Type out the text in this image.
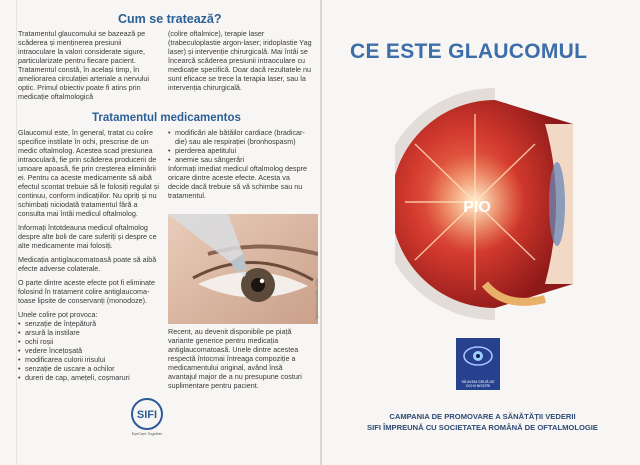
Cum se tratează?
Tratamentul glaucomului se bazează pe scăderea și menținerea presiunii intraoculare la valori considerate sigure, particularizate pentru fiecare pacient. Tratamentul constă, în același timp, în ameliorarea circulației arteriale a nervului optic. Primul obiectiv poate fi atins prin medicație oftalmologică
(colire oftalmice), terapie laser (trabeculoplastie argon-laser; iridoplastie Yag laser) și intervenție chirurgicală. Mai întâi se încearcă scăderea presiunii intraoculare cu medicație specifică. Doar dacă rezultatele nu sunt eficace se trece la terapia laser, sau la intervenția chirurgicală.
Tratamentul medicamentos
Glaucomul este, în general, tratat cu colire specifice instilate în ochi, prescrise de un medic oftalmolog. Acestea scad presiunea intraoculară, fie prin scăderea producerii de umoare apoasă, fie prin creșterea eliminării ei. Pentru ca aceste medicamente să aibă efectul scontat trebuie să le folosiți regulat și continuu, conform indicațiilor. Nu opriți și nu schimbați niciodată tratamentul fără a consulta mai întâi medicul oftalmolog.
Informați întotdeauna medicul oftalmolog despre alte boli de care suferiți și despre ce alte medicamente mai folosiți.
Medicația antiglaucomatoasă poate să aibă efecte adverse colaterale.
O parte dintre aceste efecte pot fi eliminate folosind în tratament colire antiglaucoma-toase lipsite de conservanți (monodoze).
Unele colire pot provoca:
• senzație de înțepătură
• arsură la instilare
• ochi roșii
• vedere încețoșată
• modificarea culorii irisului
• senzație de uscare a ochilor
• dureri de cap, amețeli, coșmaruri
• modificări ale bătăilor cardiace (bradicar-die) sau ale respirației (bronhospasm)
• pierderea apetitului
• anemie sau sângerări
Informați imediat medicul oftalmolog despre oricare dintre aceste efecte. Acesta va decide dacă trebuie să vă schimbe sau nu tratamentul.
Recent, au devenit disponibile pe piață variante generice pentru medicația antiglaucomatoasă. Unele dintre acestea respectă întocmai întreaga compoziție a medicamentului original, având însă avantajul major de a nu presupune costuri suplimentare pentru pacient.
SIFI
EyeCare Together
Tipărit Decembrie 2010
CE ESTE GLAUCOMUL
PIO
SĂ AVEM GRIJĂ DE OCHII NOȘTRI
CAMPANIA DE PROMOVARE A SĂNĂTĂȚII VEDERII
SIFI ÎMPREUNĂ CU SOCIETATEA ROMÂNĂ DE OFTALMOLOGIE
